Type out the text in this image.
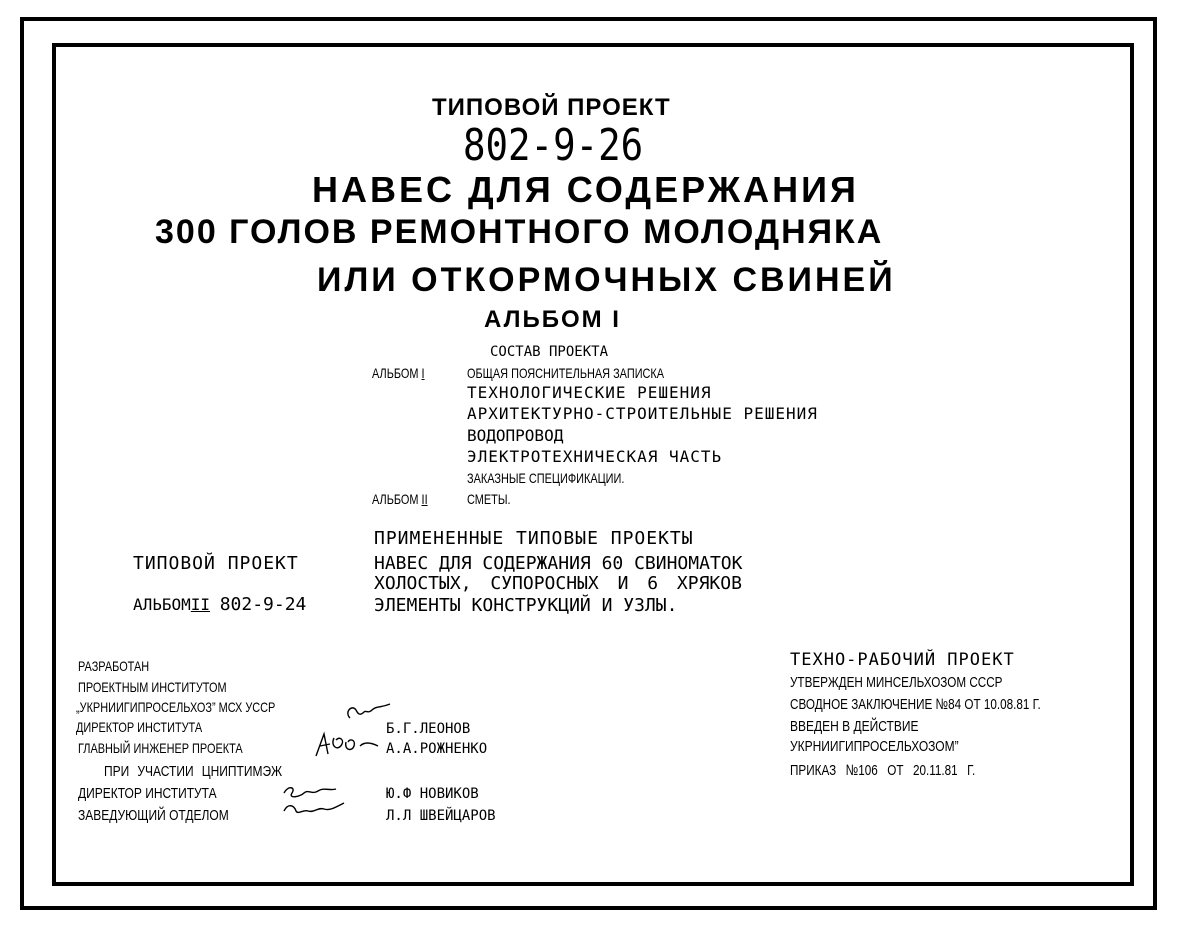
ТИПОВОЙ ПРОЕКТ
802-9-26
НАВЕС ДЛЯ СОДЕРЖАНИЯ
300 ГОЛОВ РЕМОНТНОГО МОЛОДНЯКА
ИЛИ ОТКОРМОЧНЫХ СВИНЕЙ
АЛЬБОМ I
СОСТАВ ПРОЕКТА
АЛЬБОМ I	ОБЩАЯ ПОЯСНИТЕЛЬНАЯ ЗАПИСКА
ТЕХНОЛОГИЧЕСКИЕ РЕШЕНИЯ
АРХИТЕКТУРНО-СТРОИТЕЛЬНЫЕ РЕШЕНИЯ
ВОДОПРОВОД
ЭЛЕКТРОТЕХНИЧЕСКАЯ ЧАСТЬ
ЗАКАЗНЫЕ СПЕЦИФИКАЦИИ.
АЛЬБОМ II	СМЕТЫ.
ПРИМЕНЕННЫЕ ТИПОВЫЕ ПРОЕКТЫ
ТИПОВОЙ ПРОЕКТ	НАВЕС ДЛЯ СОДЕРЖАНИЯ 60 СВИНОМАТОК
ХОЛОСТЫХ, СУПОРОСНЫХ И 6 ХРЯКОВ
АЛЬБОМII 802-9-24	ЭЛЕМЕНТЫ КОНСТРУКЦИЙ И УЗЛЫ.
РАЗРАБОТАН
ПРОЕКТНЫМ ИНСТИТУТОМ
„УКРНИИГИПРОСЕЛЬХОЗ” МСХ УССР
ДИРЕКТОР ИНСТИТУТА	Б.Г.ЛЕОНОВ
ГЛАВНЫЙ ИНЖЕНЕР ПРОЕКТА	А.А.РОЖНЕНКО
ПРИ УЧАСТИИ ЦНИПТИМЭЖ
ДИРЕКТОР ИНСТИТУТА	Ю.Ф НОВИКОВ
ЗАВЕДУЮЩИЙ ОТДЕЛОМ	Л.Л ШВЕЙЦАРОВ
ТЕХНО-РАБОЧИЙ ПРОЕКТ
УТВЕРЖДЕН МИНСЕЛЬХОЗОМ СССР
СВОДНОЕ ЗАКЛЮЧЕНИЕ №84 ОТ 10.08.81 Г.
ВВЕДЕН В ДЕЙСТВИЕ
УКРНИИГИПРОСЕЛЬХОЗОМ”
ПРИКАЗ №106 ОТ 20.11.81 Г.
